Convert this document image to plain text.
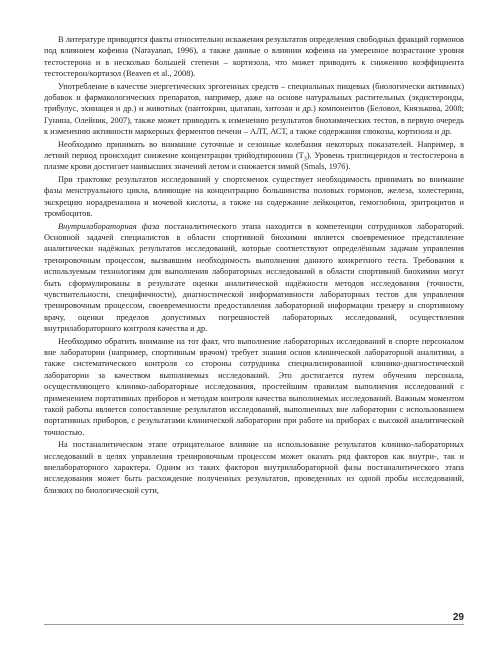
В литературе приводятся факты относительно искажения результатов определения свободных фракций гормонов под влиянием кофеина (Narayanan, 1996), а также данные о влиянии кофеина на умеренное возрастание уровня тестостерона и в несколько большей степени – кортизола, что может приводить к снижению коэффициента тестостерон/кортизол (Beaven et al., 2008).

Употребление в качестве энергетических эргогенных средств – специальных пищевых (биологически активных) добавок и фармакологических препаратов, например, даже на основе натуральных растительных (экдистероиды, трибулус, эхинацея и др.) и животных (пантокрин, цыгапан, хитозан и др.) компонентов (Беловол, Князькова, 2008; Гунина, Олейник, 2007), также может приводить к изменению результатов биохимических тестов, в первую очередь к изменению активности маркерных ферментов печени – АЛТ, АСТ, а также содержания глюкозы, кортизола и др.

Необходимо принимать во внимание суточные и сезонные колебания некоторых показателей. Например, в летний период происходит снижение концентрации трийодтиронина $(T_3)$. Уровень триглицеридов и тестостерона в плазме крови достигает наивысших значений летом и снижается зимой (Smals, 1976).

При трактовке результатов исследований у спортсменок существует необходимость принимать во внимание фазы менструального цикла, влияющие на концентрацию большинства половых гормонов, железа, холестерина, экскрецию норадреналина и мочевой кислоты, а также на содержание лейкоцитов, гемоглобина, эритроцитов и тромбоцитов.

Внутрилабораторная фаза постаналитического этапа находится в компетенции сотрудников лабораторий. Основной задачей специалистов в области спортивной биохимии является своевременное представление аналитически надёжных результатов исследований, которые соответствуют определённым задачам управления тренировочным процессом, вызвавшим необходимость выполнения данного конкретного теста. Требования к используемым технологиям для выполнения лабораторных исследований в области спортивной биохимии могут быть сформулированы в результате оценки аналитической надёжности методов исследования (точности, чувствительности, специфичности), диагностической информативности лабораторных тестов для управления тренировочным процессом, своевременности предоставления лабораторной информации тренеру и спортивному врачу, оценки пределов допустимых погрешностей лабораторных исследований, осуществления внутрилабораторного контроля качества и др.

Необходимо обратить внимание на тот факт, что выполнение лабораторных исследований в спорте персоналом вне лаборатории (например, спортивным врачом) требует знания основ клинической лабораторной аналитики, а также систематического контроля со стороны сотрудника специализированной клинико-диагностической лаборатории за качеством выполняемых исследований. Это достигается путем обучения персонала, осуществляющего клинико-лабораторные исследования, простейшим правилам выполнения исследований с применением портативных приборов и методам контроля качества выполняемых исследований. Важным моментом такой работы является сопоставление результатов исследований, выполненных вне лаборатории с использованием портативных приборов, с результатами клинической лаборатории при работе на приборах с высокой аналитической точностью.

На постаналитическом этапе отрицательное влияние на использование результатов клинико-лабораторных исследований в целях управления тренировочным процессом может оказать ряд факторов как внутри-, так и внелабораторного характера. Одним из таких факторов внутрилабораторной фазы постаналитического этапа исследования может быть расхождение полученных результатов, проведенных из одной пробы исследований, близких по биологической сути,

29
